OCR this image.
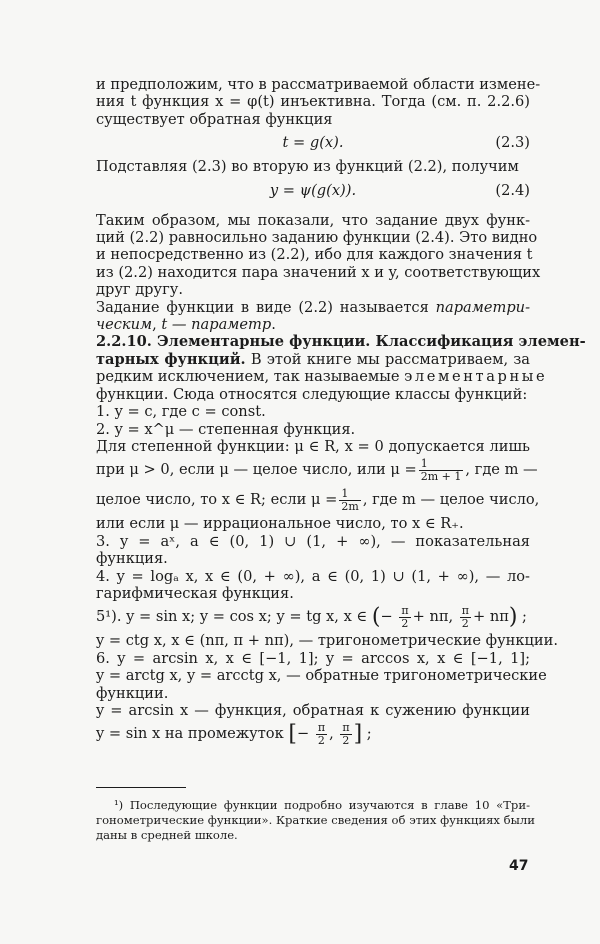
и предположим, что в рассматриваемой области измене-
ния t функция x = φ(t) инъективна. Тогда (см. п. 2.2.6)
существует обратная функция
t = g(x).	(2.3)
Подставляя (2.3) во вторую из функций (2.2), получим
y = ψ(g(x)).	(2.4)
Таким образом, мы показали, что задание двух функ-
ций (2.2) равносильно заданию функции (2.4). Это видно
и непосредственно из (2.2), ибо для каждого значения t
из (2.2) находится пара значений x и y, соответствующих
друг другу.
Задание функции в виде (2.2) называется параметри-
ческим, t — параметр.
2.2.10. Элементарные функции. Классификация элемен-
тарных функций. В этой книге мы рассматриваем, за
редким исключением, так называемые элементарные
функции. Сюда относятся следующие классы функций:
1. y = c, где c = const.
2. y = x^μ — степенная функция.
Для степенной функции: μ ∈ R, x = 0 допускается лишь
при μ > 0, если μ — целое число, или $\mu = \frac{1}{2m + 1}$ , где m —
целое число, то x ∈ R; если $\mu = \frac{1}{2m}$ , где m — целое число,
или если μ — иррациональное число, то x ∈ R₊.
3. y = aˣ, a ∈ (0, 1) ∪ (1, + ∞), — показательная
функция.
4. y = logₐ x, x ∈ (0, + ∞), a ∈ (0, 1) ∪ (1, + ∞), — ло-
гарифмическая функция.
5¹). y = sin x; y = cos x; y = tg x, x ∈ (− $\frac{\pi}{2} + n\pi$, $\frac{\pi}{2} + n\pi$) ;
y = ctg x, x ∈ (nπ, π + nπ), — тригонометрические функции.
6. y = arcsin x, x ∈ [−1, 1]; y = arccos x, x ∈ [−1, 1];
y = arctg x, y = arcctg x, — обратные тригонометрические
функции.
y = arcsin x — функция, обратная к сужению функции
y = sin x на промежуток [− $\frac{\pi}{2}$ , $\frac{\pi}{2}$ ] ;
¹) Последующие функции подробно изучаются в главе 10 «Три-
гонометрические функции». Краткие сведения об этих функциях были
даны в средней школе.
47
